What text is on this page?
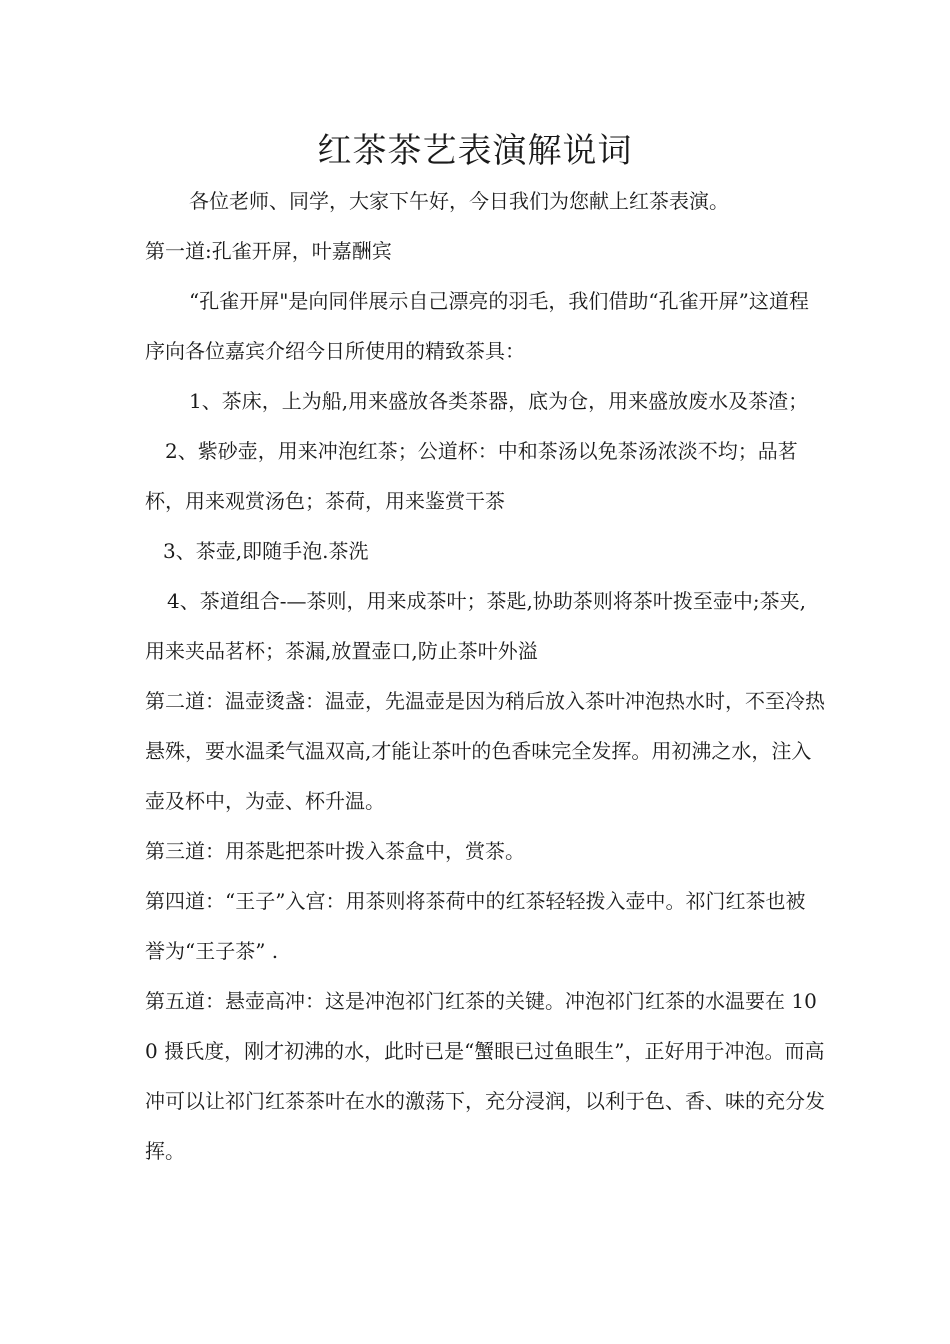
红茶茶艺表演解说词

各位老师、同学，大家下午好，今日我们为您献上红茶表演。

第一道:孔雀开屏，叶嘉酬宾

“孔雀开屏"是向同伴展示自己漂亮的羽毛，我们借助“孔雀开屏”这道程序向各位嘉宾介绍今日所使用的精致茶具：

1、茶床，上为船,用来盛放各类茶器，底为仓，用来盛放废水及茶渣；

2、紫砂壶，用来冲泡红茶；公道杯：中和茶汤以免茶汤浓淡不均；品茗杯，用来观赏汤色；茶荷，用来鉴赏干茶

3、茶壶,即随手泡.茶洗

4、茶道组合-—茶则，用来成茶叶；茶匙,协助茶则将茶叶拨至壶中;茶夹,用来夹品茗杯；茶漏,放置壶口,防止茶叶外溢

第二道：温壶烫盏：温壶，先温壶是因为稍后放入茶叶冲泡热水时，不至冷热悬殊，要水温柔气温双高,才能让茶叶的色香味完全发挥。用初沸之水，注入壶及杯中，为壶、杯升温。

第三道：用茶匙把茶叶拨入茶盒中，赏茶。

第四道：“王子”入宫：用茶则将茶荷中的红茶轻轻拨入壶中。祁门红茶也被誉为“王子茶” .

第五道：悬壶高冲：这是冲泡祁门红茶的关键。冲泡祁门红茶的水温要在 100 摄氏度，刚才初沸的水，此时已是“蟹眼已过鱼眼生”，正好用于冲泡。而高冲可以让祁门红茶茶叶在水的激荡下，充分浸润，以利于色、香、味的充分发挥。
